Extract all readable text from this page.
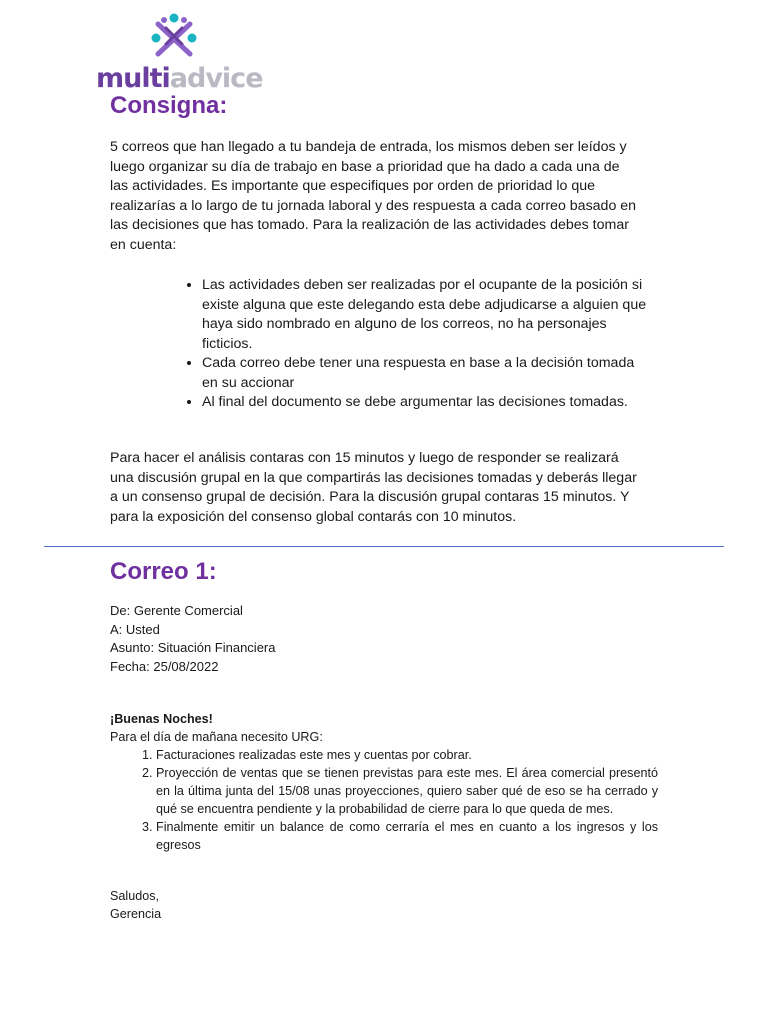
multiadvice
Consigna:

5 correos que han llegado a tu bandeja de entrada, los mismos deben ser leídos y luego organizar su día de trabajo en base a prioridad que ha dado a cada una de las actividades. Es importante que especifiques por orden de prioridad lo que realizarías a lo largo de tu jornada laboral y des respuesta a cada correo basado en las decisiones que has tomado. Para la realización de las actividades debes tomar en cuenta:

• Las actividades deben ser realizadas por el ocupante de la posición si existe alguna que este delegando esta debe adjudicarse a alguien que haya sido nombrado en alguno de los correos, no ha personajes ficticios.
• Cada correo debe tener una respuesta en base a la decisión tomada en su accionar
• Al final del documento se debe argumentar las decisiones tomadas.

Para hacer el análisis contaras con 15 minutos y luego de responder se realizará una discusión grupal en la que compartirás las decisiones tomadas y deberás llegar a un consenso grupal de decisión. Para la discusión grupal contaras 15 minutos. Y para la exposición del consenso global contarás con 10 minutos.

Correo 1:
De: Gerente Comercial
A: Usted
Asunto: Situación Financiera
Fecha: 25/08/2022
¡Buenas Noches!
Para el día de mañana necesito URG:
1. Facturaciones realizadas este mes y cuentas por cobrar.
2. Proyección de ventas que se tienen previstas para este mes. El área comercial presentó en la última junta del 15/08 unas proyecciones, quiero saber qué de eso se ha cerrado y qué se encuentra pendiente y la probabilidad de cierre para lo que queda de mes.
3. Finalmente emitir un balance de como cerraría el mes en cuanto a los ingresos y los egresos
Saludos,
Gerencia
